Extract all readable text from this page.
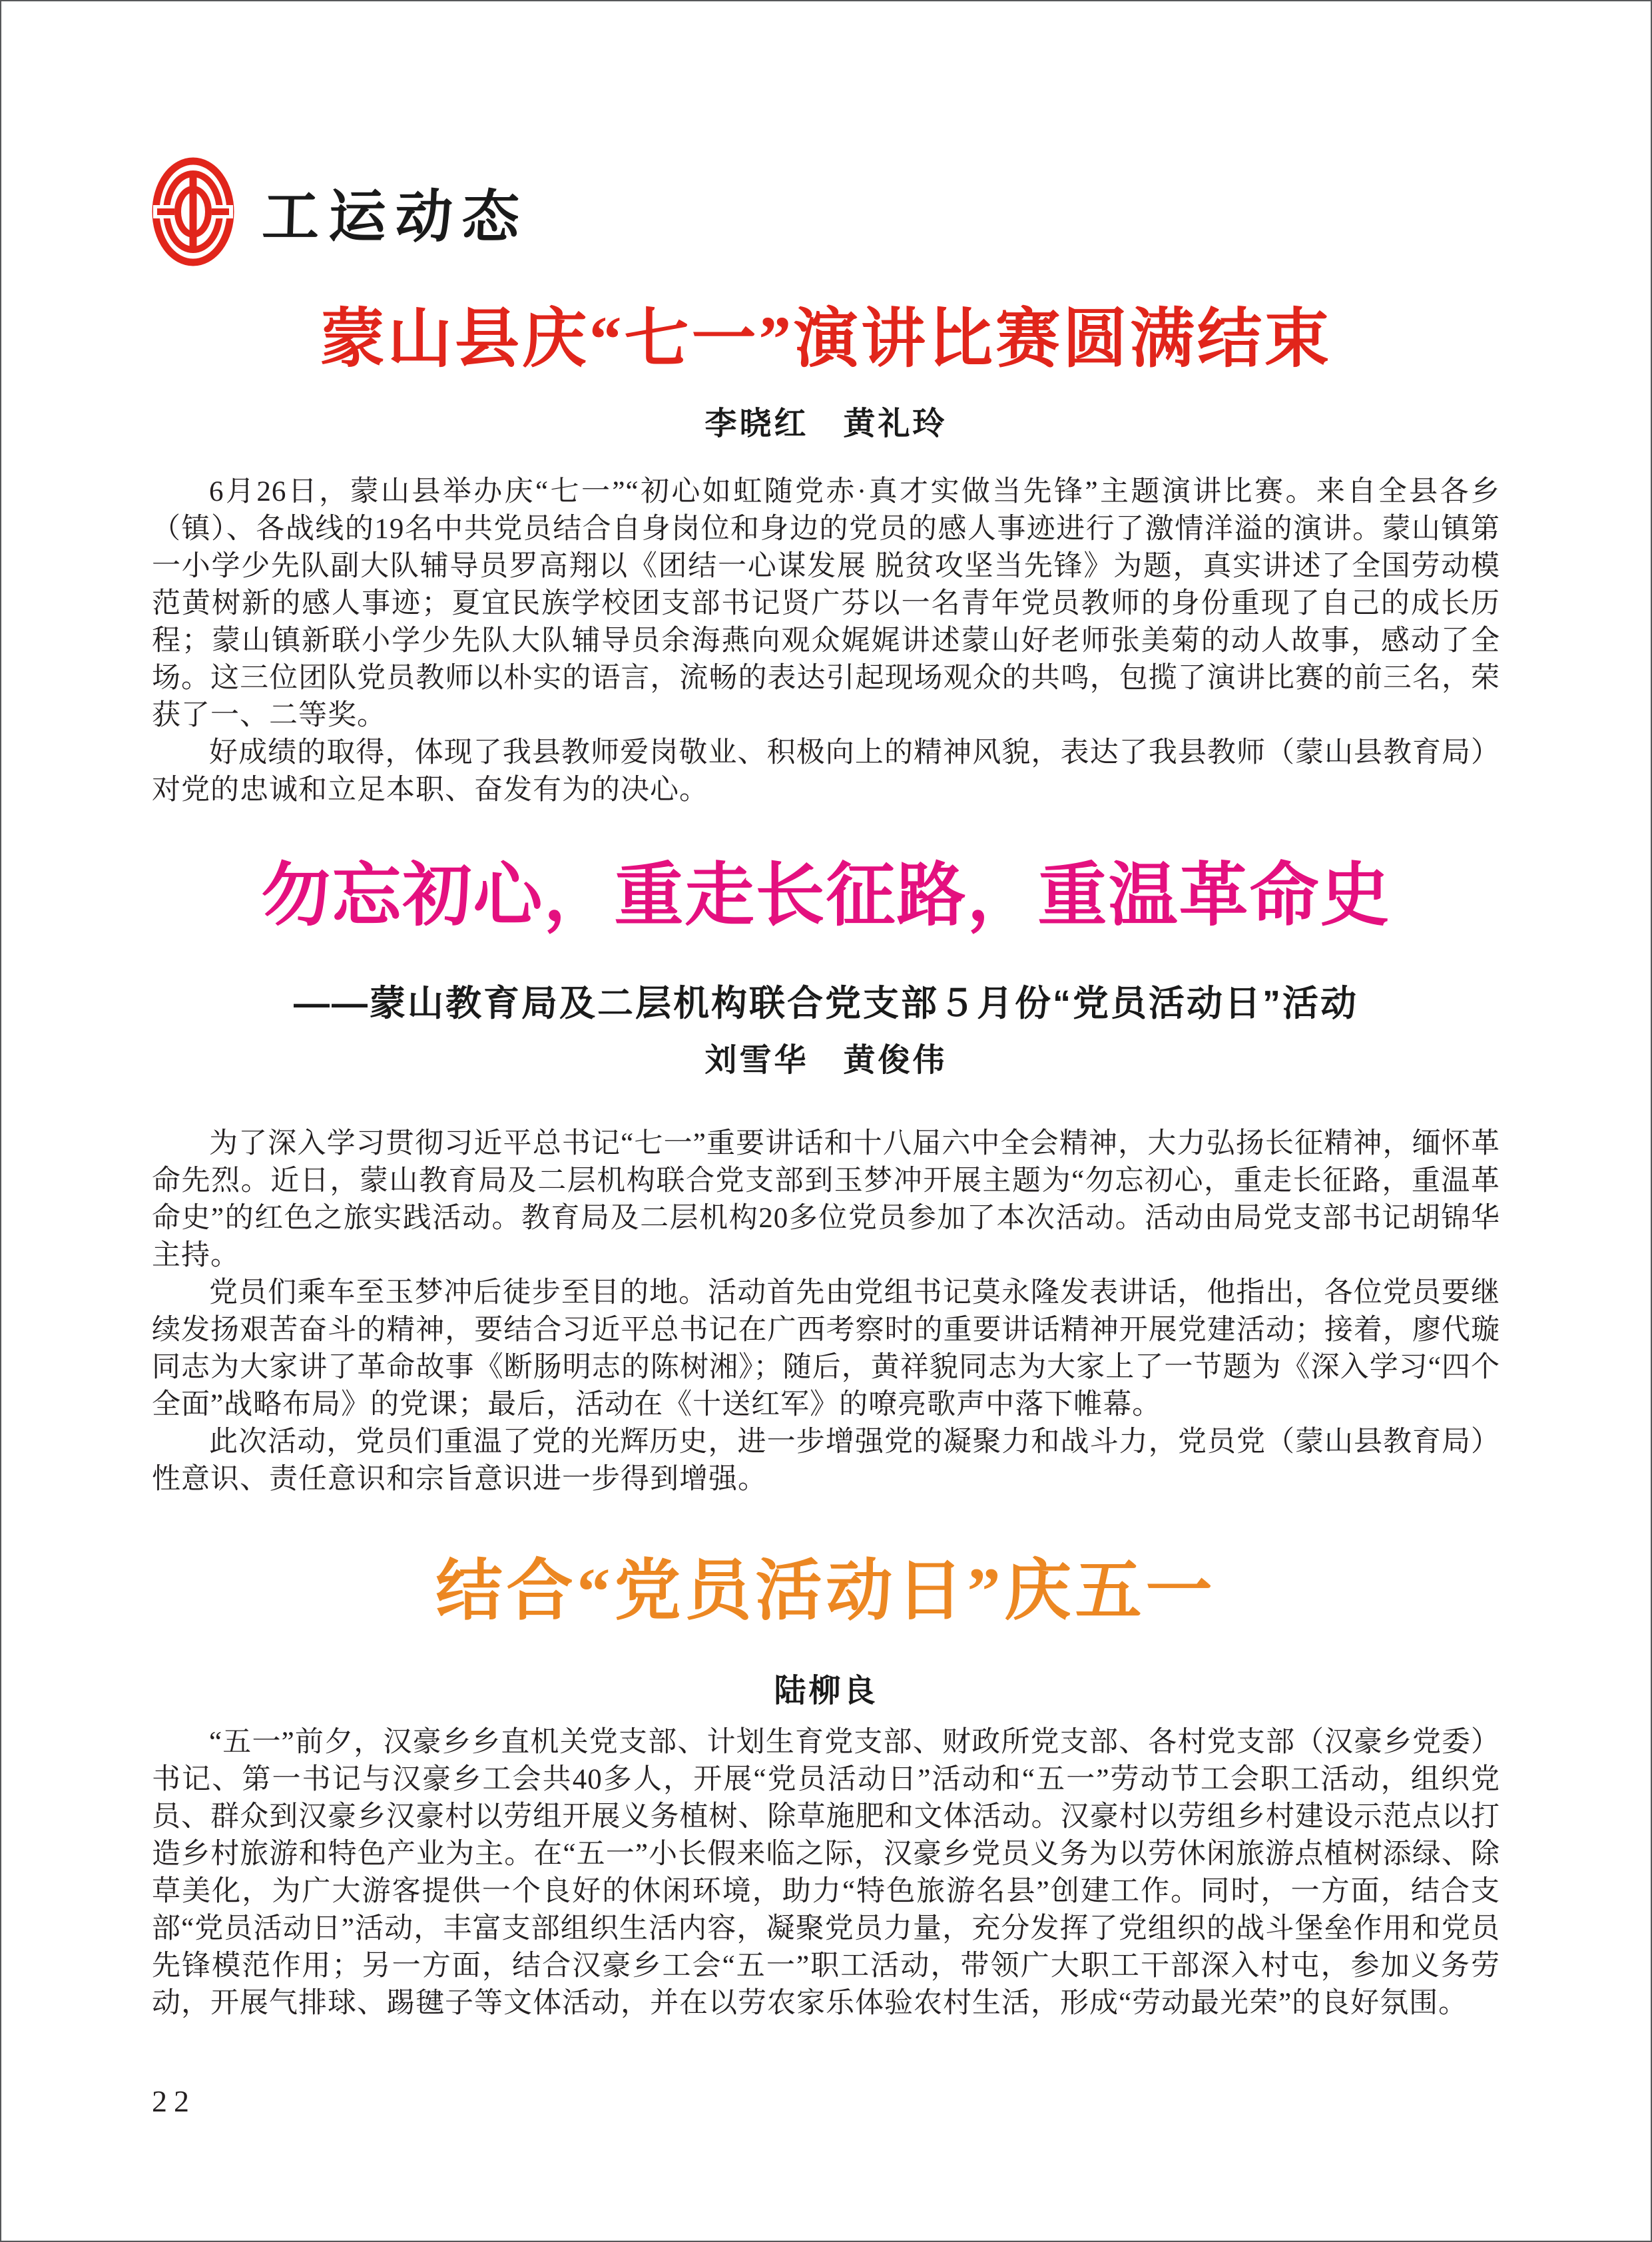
工运动态
蒙山县庆“七一”演讲比赛圆满结束
李晓红　黄礼玲

6月26日，蒙山县举办庆“七一”“初心如虹随党赤·真才实做当先锋”主题演讲比赛。来自全县各乡（镇）、各战线的19名中共党员结合自身岗位和身边的党员的感人事迹进行了激情洋溢的演讲。蒙山镇第一小学少先队副大队辅导员罗高翔以《团结一心谋发展 脱贫攻坚当先锋》为题，真实讲述了全国劳动模范黄树新的感人事迹；夏宜民族学校团支部书记贤广芬以一名青年党员教师的身份重现了自己的成长历程；蒙山镇新联小学少先队大队辅导员余海燕向观众娓娓讲述蒙山好老师张美菊的动人故事，感动了全场。这三位团队党员教师以朴实的语言，流畅的表达引起现场观众的共鸣，包揽了演讲比赛的前三名，荣获了一、二等奖。

（蒙山县教育局）
好成绩的取得，体现了我县教师爱岗敬业、积极向上的精神风貌，表达了我县教师对党的忠诚和立足本职、奋发有为的决心。

勿忘初心，重走长征路，重温革命史
——蒙山教育局及二层机构联合党支部５月份“党员活动日”活动
刘雪华　黄俊伟

为了深入学习贯彻习近平总书记“七一”重要讲话和十八届六中全会精神，大力弘扬长征精神，缅怀革命先烈。近日，蒙山教育局及二层机构联合党支部到玉梦冲开展主题为“勿忘初心，重走长征路，重温革命史”的红色之旅实践活动。教育局及二层机构20多位党员参加了本次活动。活动由局党支部书记胡锦华主持。

党员们乘车至玉梦冲后徒步至目的地。活动首先由党组书记莫永隆发表讲话，他指出，各位党员要继续发扬艰苦奋斗的精神，要结合习近平总书记在广西考察时的重要讲话精神开展党建活动；接着，廖代璇同志为大家讲了革命故事《断肠明志的陈树湘》；随后，黄祥貌同志为大家上了一节题为《深入学习“四个全面”战略布局》的党课；最后，活动在《十送红军》的嘹亮歌声中落下帷幕。

（蒙山县教育局）
此次活动，党员们重温了党的光辉历史，进一步增强党的凝聚力和战斗力，党员党性意识、责任意识和宗旨意识进一步得到增强。

结合“党员活动日”庆五一
陆柳良

（汉豪乡党委）
“五一”前夕，汉豪乡乡直机关党支部、计划生育党支部、财政所党支部、各村党支部书记、第一书记与汉豪乡工会共40多人，开展“党员活动日”活动和“五一”劳动节工会职工活动，组织党员、群众到汉豪乡汉豪村以劳组开展义务植树、除草施肥和文体活动。汉豪村以劳组乡村建设示范点以打造乡村旅游和特色产业为主。在“五一”小长假来临之际，汉豪乡党员义务为以劳休闲旅游点植树添绿、除草美化，为广大游客提供一个良好的休闲环境，助力“特色旅游名县”创建工作。同时，一方面，结合支部“党员活动日”活动，丰富支部组织生活内容，凝聚党员力量，充分发挥了党组织的战斗堡垒作用和党员先锋模范作用；另一方面，结合汉豪乡工会“五一”职工活动，带领广大职工干部深入村屯，参加义务劳动，开展气排球、踢毽子等文体活动，并在以劳农家乐体验农村生活，形成“劳动最光荣”的良好氛围。

22
